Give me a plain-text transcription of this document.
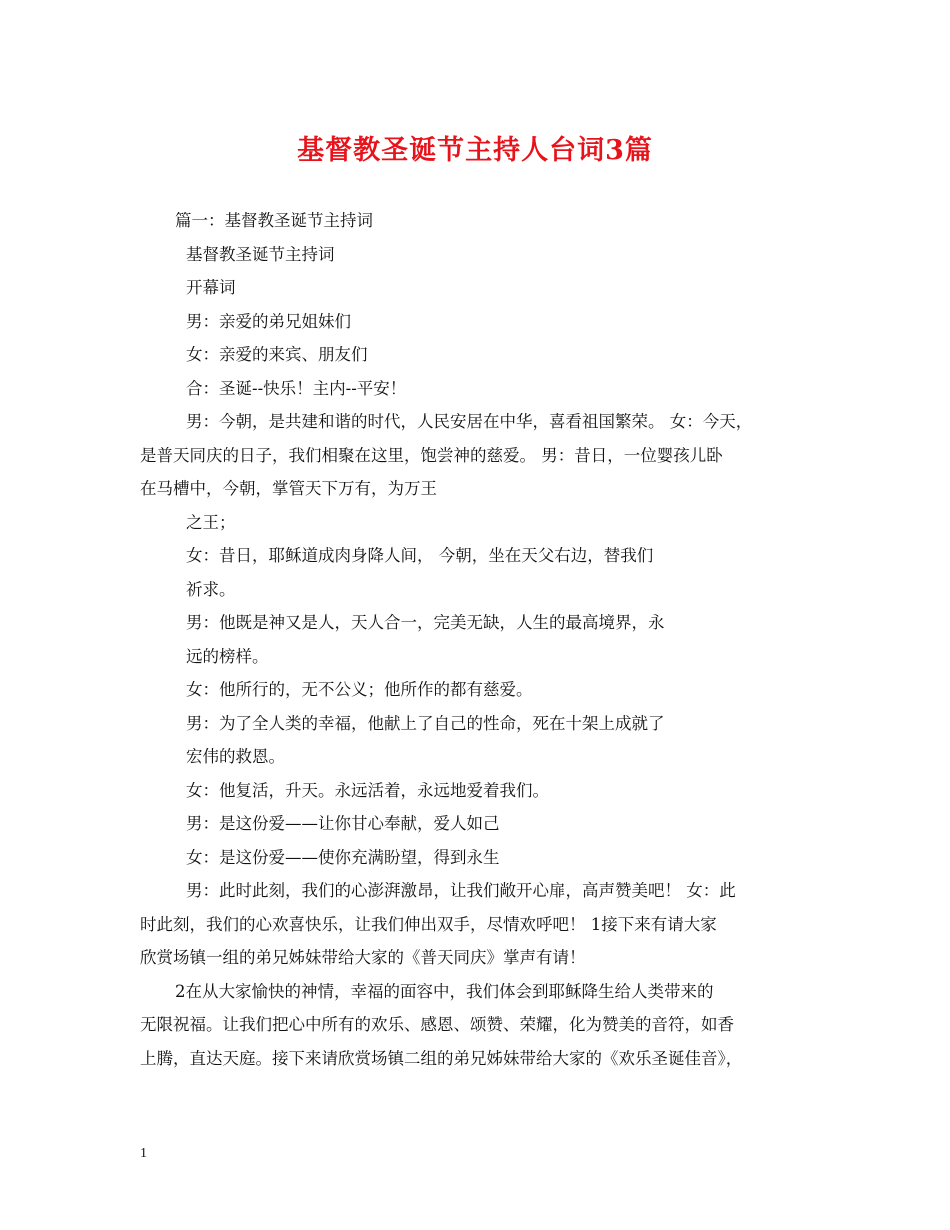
基督教圣诞节主持人台词3篇
篇一：基督教圣诞节主持词
基督教圣诞节主持词
开幕词
男：亲爱的弟兄姐妹们
女：亲爱的来宾、朋友们
合：圣诞--快乐！主内--平安！
男：今朝，是共建和谐的时代，人民安居在中华，喜看祖国繁荣。 女：今天，
是普天同庆的日子，我们相聚在这里，饱尝神的慈爱。 男：昔日，一位婴孩儿卧
在马槽中，今朝，掌管天下万有，为万王
之王；
女：昔日，耶稣道成肉身降人间， 今朝，坐在天父右边，替我们
祈求。
男：他既是神又是人，天人合一，完美无缺，人生的最高境界，永
远的榜样。
女：他所行的，无不公义；他所作的都有慈爱。
男：为了全人类的幸福，他献上了自己的性命，死在十架上成就了
宏伟的救恩。
女：他复活，升天。永远活着，永远地爱着我们。
男：是这份爱——让你甘心奉献，爱人如己
女：是这份爱——使你充满盼望，得到永生
男：此时此刻，我们的心澎湃激昂，让我们敞开心扉，高声赞美吧！ 女：此
时此刻，我们的心欢喜快乐，让我们伸出双手，尽情欢呼吧！ 1接下来有请大家
欣赏场镇一组的弟兄姊妹带给大家的《普天同庆》掌声有请！
2在从大家愉快的神情，幸福的面容中，我们体会到耶稣降生给人类带来的
无限祝福。让我们把心中所有的欢乐、感恩、颂赞、荣耀，化为赞美的音符，如香
上腾，直达天庭。接下来请欣赏场镇二组的弟兄姊妹带给大家的《欢乐圣诞佳音》，
1
